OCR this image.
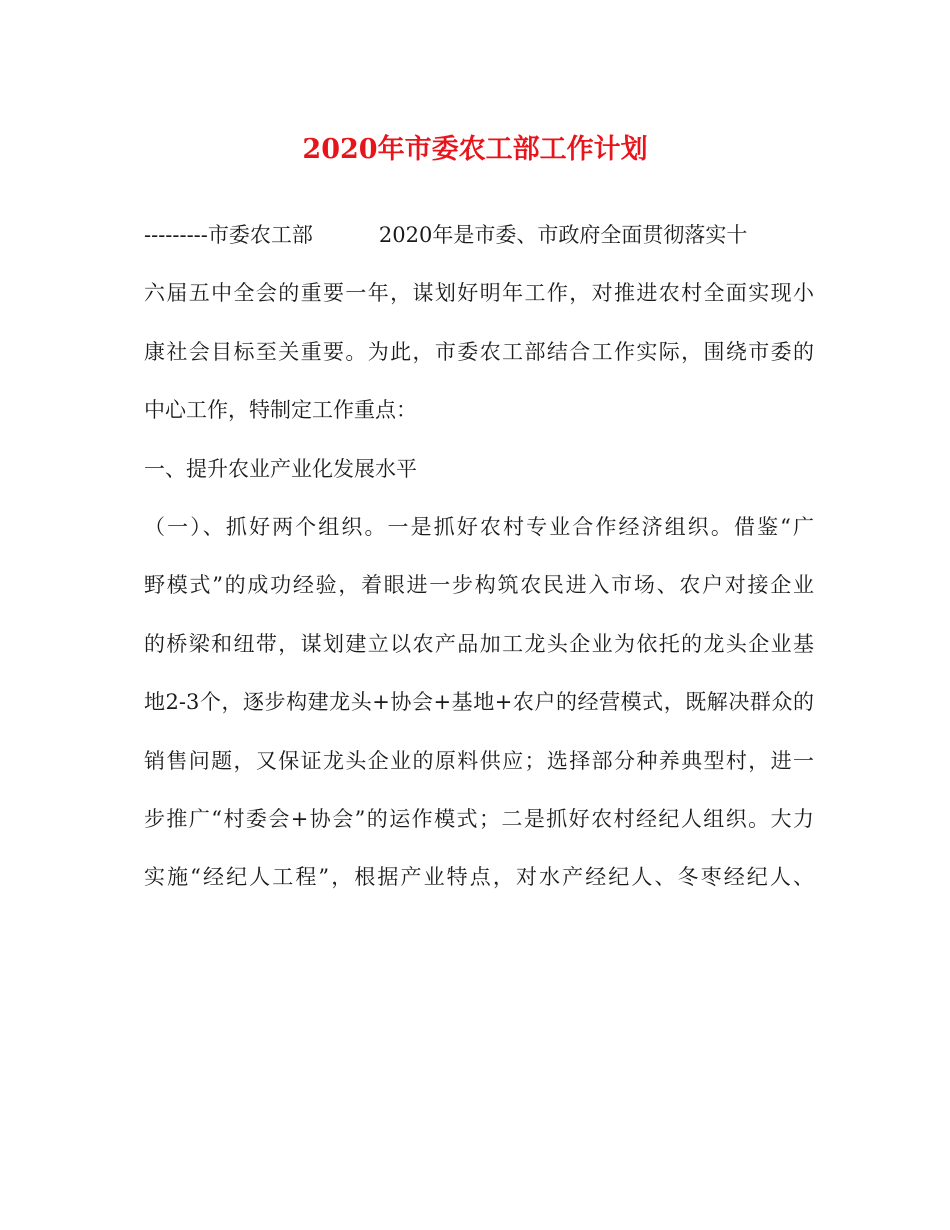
2020年市委农工部工作计划
---------市委农工部	2020年是市委、市政府全面贯彻落实十
六届五中全会的重要一年，谋划好明年工作，对推进农村全面实现小
康社会目标至关重要。为此，市委农工部结合工作实际，围绕市委的
中心工作，特制定工作重点：
一、提升农业产业化发展水平
（一）、抓好两个组织。一是抓好农村专业合作经济组织。借鉴“广
野模式”的成功经验，着眼进一步构筑农民进入市场、农户对接企业
的桥梁和纽带，谋划建立以农产品加工龙头企业为依托的龙头企业基
地2-3个，逐步构建龙头+协会+基地+农户的经营模式，既解决群众的
销售问题，又保证龙头企业的原料供应；选择部分种养典型村，进一
步推广“村委会+协会”的运作模式；二是抓好农村经纪人组织。大力
实施“经纪人工程”，根据产业特点，对水产经纪人、冬枣经纪人、
